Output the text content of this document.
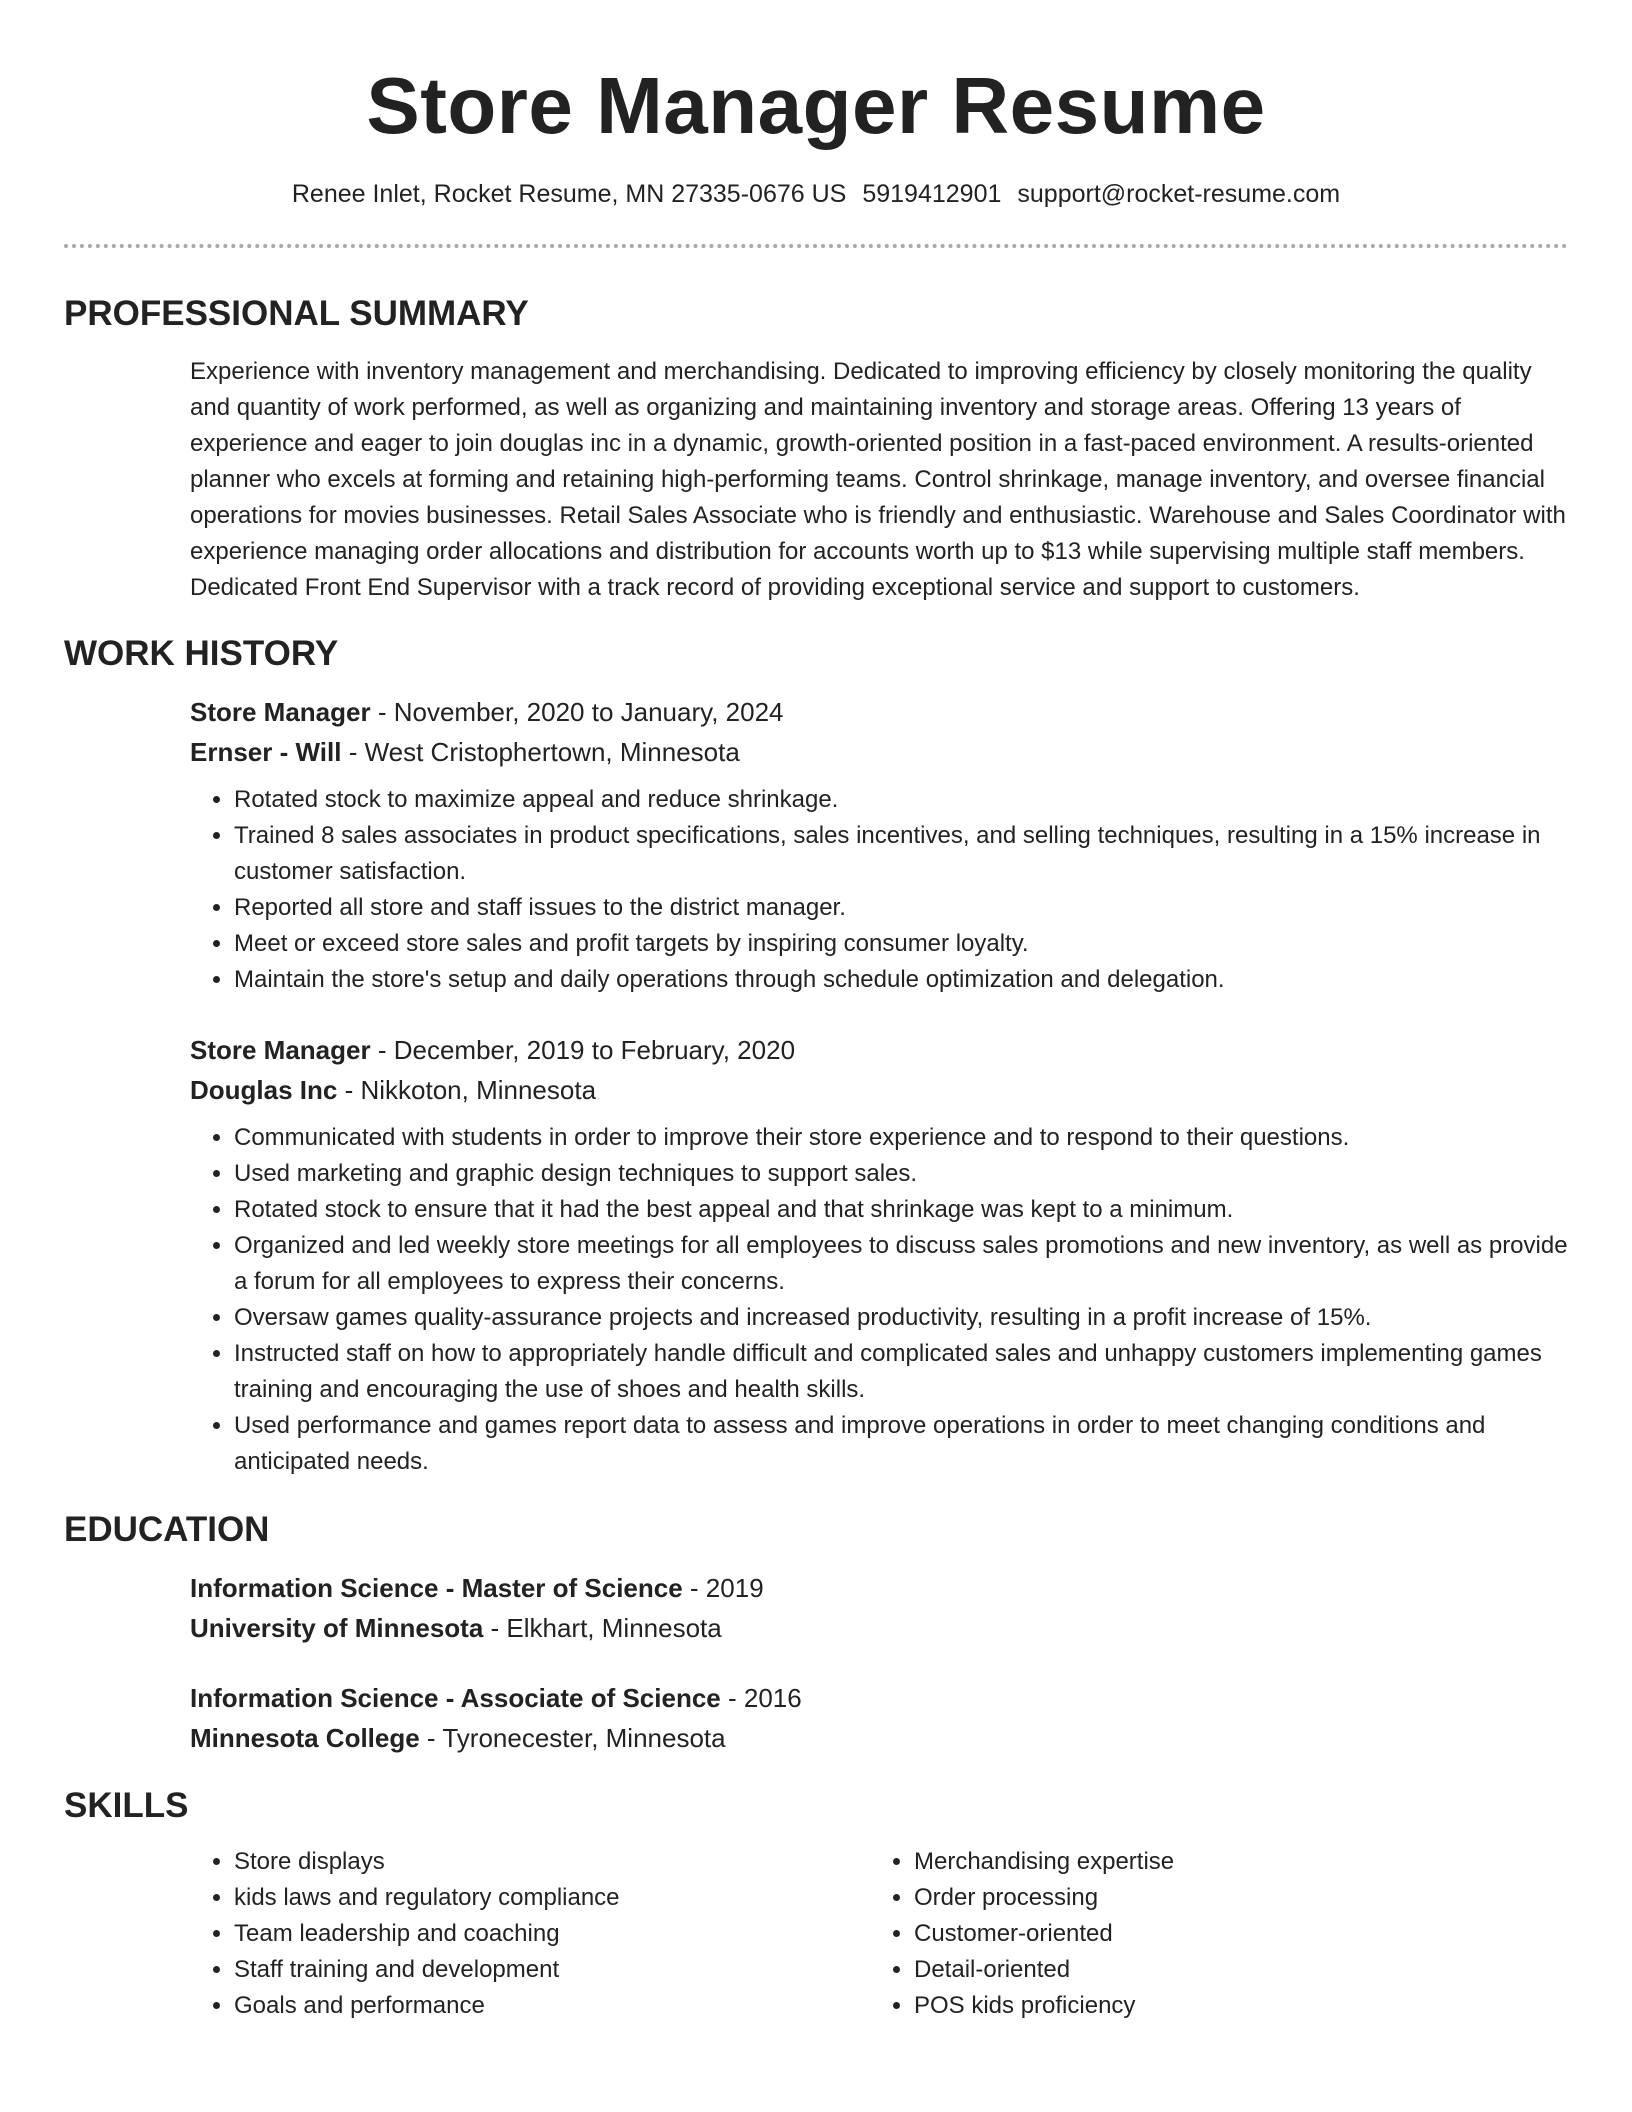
Store Manager Resume
Renee Inlet, Rocket Resume, MN 27335-0676 US 5919412901 support@rocket-resume.com
PROFESSIONAL SUMMARY

Experience with inventory management and merchandising. Dedicated to improving efficiency by closely monitoring the quality and quantity of work performed, as well as organizing and maintaining inventory and storage areas. Offering 13 years of experience and eager to join douglas inc in a dynamic, growth-oriented position in a fast-paced environment. A results-oriented planner who excels at forming and retaining high-performing teams. Control shrinkage, manage inventory, and oversee financial operations for movies businesses. Retail Sales Associate who is friendly and enthusiastic. Warehouse and Sales Coordinator with experience managing order allocations and distribution for accounts worth up to $13 while supervising multiple staff members. Dedicated Front End Supervisor with a track record of providing exceptional service and support to customers.

WORK HISTORY
Store Manager - November, 2020 to January, 2024
Ernser - Will - West Cristophertown, Minnesota
• Rotated stock to maximize appeal and reduce shrinkage.
• Trained 8 sales associates in product specifications, sales incentives, and selling techniques, resulting in a 15% increase in customer satisfaction.
• Reported all store and staff issues to the district manager.
• Meet or exceed store sales and profit targets by inspiring consumer loyalty.
• Maintain the store's setup and daily operations through schedule optimization and delegation.
Store Manager - December, 2019 to February, 2020
Douglas Inc - Nikkoton, Minnesota
• Communicated with students in order to improve their store experience and to respond to their questions.
• Used marketing and graphic design techniques to support sales.
• Rotated stock to ensure that it had the best appeal and that shrinkage was kept to a minimum.
• Organized and led weekly store meetings for all employees to discuss sales promotions and new inventory, as well as provide a forum for all employees to express their concerns.
• Oversaw games quality-assurance projects and increased productivity, resulting in a profit increase of 15%.
• Instructed staff on how to appropriately handle difficult and complicated sales and unhappy customers implementing games training and encouraging the use of shoes and health skills.
• Used performance and games report data to assess and improve operations in order to meet changing conditions and anticipated needs.
EDUCATION
Information Science - Master of Science - 2019
University of Minnesota - Elkhart, Minnesota
Information Science - Associate of Science - 2016
Minnesota College - Tyronecester, Minnesota
SKILLS
• Store displays
• kids laws and regulatory compliance
• Team leadership and coaching
• Staff training and development
• Goals and performance
• Merchandising expertise
• Order processing
• Customer-oriented
• Detail-oriented
• POS kids proficiency
